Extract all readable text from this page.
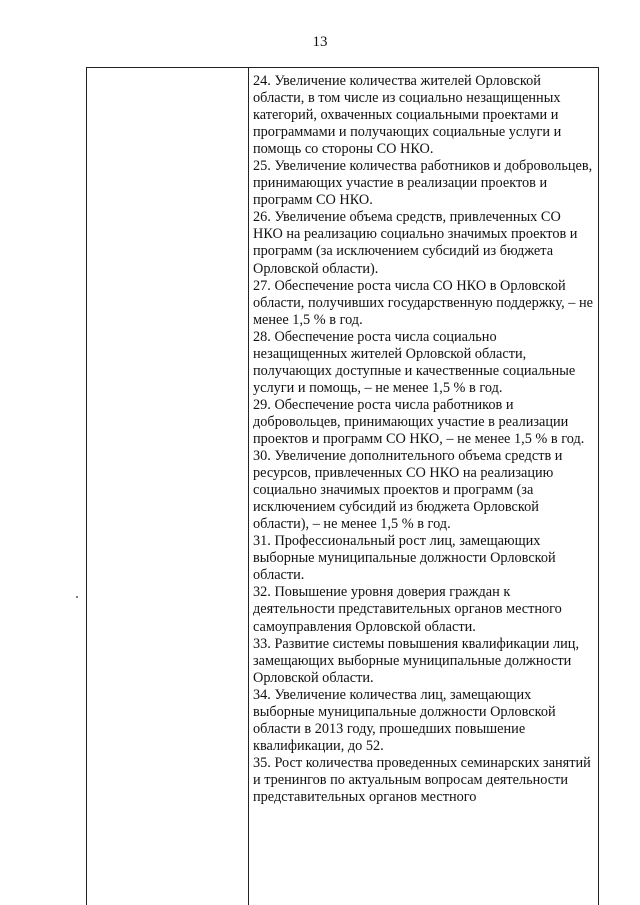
13

24. Увеличение количества жителей Орловской области, в том числе из социально незащищенных категорий, охваченных социальными проектами и программами и получающих социальные услуги и помощь со стороны СО НКО.

25. Увеличение количества работников и добровольцев, принимающих участие в реализации проектов и программ СО НКО.

26. Увеличение объема средств, привлеченных СО НКО на реализацию социально значимых проектов и программ (за исключением субсидий из бюджета Орловской области).

27. Обеспечение роста числа СО НКО в Орловской области, получивших государственную поддержку, – не менее 1,5 % в год.

28. Обеспечение роста числа социально незащищенных жителей Орловской области, получающих доступные и качественные социальные услуги и помощь, – не менее 1,5 % в год.

29. Обеспечение роста числа работников и добровольцев, принимающих участие в реализации проектов и программ СО НКО, – не менее 1,5 % в год.

30. Увеличение дополнительного объема средств и ресурсов, привлеченных СО НКО на реализацию социально значимых проектов и программ (за исключением субсидий из бюджета Орловской области), – не менее 1,5 % в год.

31. Профессиональный рост лиц, замещающих выборные муниципальные должности Орловской области.

32. Повышение уровня доверия граждан к деятельности представительных органов местного самоуправления Орловской области.

33. Развитие системы повышения квалификации лиц, замещающих выборные муниципальные должности Орловской области.

34. Увеличение количества лиц, замещающих выборные муниципальные должности Орловской области в 2013 году, прошедших повышение квалификации, до 52.

35. Рост количества проведенных семинарских занятий и тренингов по актуальным вопросам деятельности представительных органов местного
